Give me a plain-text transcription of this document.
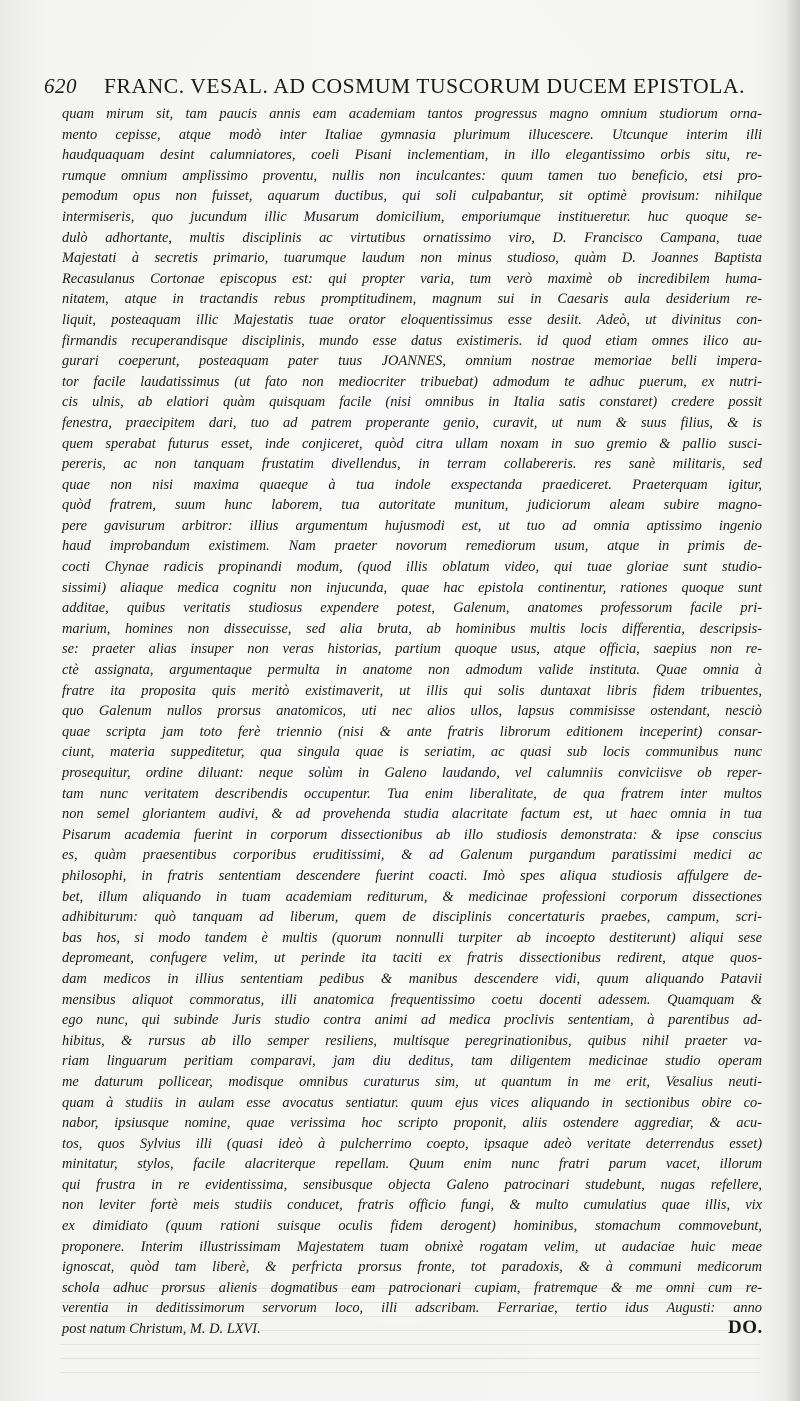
620 FRANC. VESAL. AD COSMUM TUSCORUM DUCEM EPISTOLA.
quam mirum sit, tam paucis annis eam academiam tantos progressus magno omnium studiorum orna-
mento cepisse, atque modò inter Italiae gymnasia plurimum illucescere. Utcunque interim illi
haudquaquam desint calumniatores, coeli Pisani inclementiam, in illo elegantissimo orbis situ, re-
rumque omnium amplissimo proventu, nullis non inculcantes: quum tamen tuo beneficio, etsi pro-
pemodum opus non fuisset, aquarum ductibus, qui soli culpabantur, sit optimè provisum: nihilque
intermiseris, quo jucundum illic Musarum domicilium, emporiumque institueretur. huc quoque se-
dulò adhortante, multis disciplinis ac virtutibus ornatissimo viro, D. Francisco Campana, tuae
Majestati à secretis primario, tuarumque laudum non minus studioso, quàm D. Joannes Baptista
Recasulanus Cortonae episcopus est: qui propter varia, tum verò maximè ob incredibilem huma-
nitatem, atque in tractandis rebus promptitudinem, magnum sui in Caesaris aula desiderium re-
liquit, posteaquam illic Majestatis tuae orator eloquentissimus esse desiit. Adeò, ut divinitus con-
firmandis recuperandisque disciplinis, mundo esse datus existimeris. id quod etiam omnes ilico au-
gurari coeperunt, posteaquam pater tuus JOANNES, omnium nostrae memoriae belli impera-
tor facile laudatissimus (ut fato non mediocriter tribuebat) admodum te adhuc puerum, ex nutri-
cis ulnis, ab elatiori quàm quisquam facile (nisi omnibus in Italia satis constaret) credere possit
fenestra, praecipitem dari, tuo ad patrem properante genio, curavit, ut num & suus filius, & is
quem sperabat futurus esset, inde conjiceret, quòd citra ullam noxam in suo gremio & pallio susci-
pereris, ac non tanquam frustatim divellendus, in terram collabereris. res sanè militaris, sed
quae non nisi maxima quaeque à tua indole exspectanda praediceret. Praeterquam igitur,
quòd fratrem, suum hunc laborem, tua autoritate munitum, judiciorum aleam subire magno-
pere gavisurum arbitror: illius argumentum hujusmodi est, ut tuo ad omnia aptissimo ingenio
haud improbandum existimem. Nam praeter novorum remediorum usum, atque in primis de-
cocti Chynae radicis propinandi modum, (quod illis oblatum video, qui tuae gloriae sunt studio-
sissimi) aliaque medica cognitu non injucunda, quae hac epistola continentur, rationes quoque sunt
additae, quibus veritatis studiosus expendere potest, Galenum, anatomes professorum facile pri-
marium, homines non dissecuisse, sed alia bruta, ab hominibus multis locis differentia, descripsis-
se: praeter alias insuper non veras historias, partium quoque usus, atque officia, saepius non re-
ctè assignata, argumentaque permulta in anatome non admodum valide instituta. Quae omnia à
fratre ita proposita quis meritò existimaverit, ut illis qui solis duntaxat libris fidem tribuentes,
quo Galenum nullos prorsus anatomicos, uti nec alios ullos, lapsus commisisse ostendant, nesciò
quae scripta jam toto ferè triennio (nisi & ante fratris librorum editionem inceperint) consar-
ciunt, materia suppeditetur, qua singula quae is seriatim, ac quasi sub locis communibus nunc
prosequitur, ordine diluant: neque solùm in Galeno laudando, vel calumniis conviciisve ob reper-
tam nunc veritatem describendis occupentur. Tua enim liberalitate, de qua fratrem inter multos
non semel gloriantem audivi, & ad provehenda studia alacritate factum est, ut haec omnia in tua
Pisarum academia fuerint in corporum dissectionibus ab illo studiosis demonstrata: & ipse conscius
es, quàm praesentibus corporibus eruditissimi, & ad Galenum purgandum paratissimi medici ac
philosophi, in fratris sententiam descendere fuerint coacti. Imò spes aliqua studiosis affulgere de-
bet, illum aliquando in tuam academiam rediturum, & medicinae professioni corporum dissectiones
adhibiturum: quò tanquam ad liberum, quem de disciplinis concertaturis praebes, campum, scri-
bas hos, si modo tandem è multis (quorum nonnulli turpiter ab incoepto destiterunt) aliqui sese
depromeant, confugere velim, ut perinde ita taciti ex fratris dissectionibus redirent, atque quos-
dam medicos in illius sententiam pedibus & manibus descendere vidi, quum aliquando Patavii
mensibus aliquot commoratus, illi anatomica frequentissimo coetu docenti adessem. Quamquam &
ego nunc, qui subinde Juris studio contra animi ad medica proclivis sententiam, à parentibus ad-
hibitus, & rursus ab illo semper resiliens, multisque peregrinationibus, quibus nihil praeter va-
riam linguarum peritiam comparavi, jam diu deditus, tam diligentem medicinae studio operam
me daturum pollicear, modisque omnibus curaturus sim, ut quantum in me erit, Vesalius neuti-
quam à studiis in aulam esse avocatus sentiatur. quum ejus vices aliquando in sectionibus obire co-
nabor, ipsiusque nomine, quae verissima hoc scripto proponit, aliis ostendere aggrediar, & acu-
tos, quos Sylvius illi (quasi ideò à pulcherrimo coepto, ipsaque adeò veritate deterrendus esset)
minitatur, stylos, facile alacriterque repellam. Quum enim nunc fratri parum vacet, illorum
qui frustra in re evidentissima, sensibusque objecta Galeno patrocinari studebunt, nugas refellere,
non leviter fortè meis studiis conducet, fratris officio fungi, & multo cumulatius quae illis, vix
ex dimidiato (quum rationi suisque oculis fidem derogent) hominibus, stomachum commovebunt,
proponere. Interim illustrissimam Majestatem tuam obnixè rogatam velim, ut audaciae huic meae
ignoscat, quòd tam liberè, & perfricta prorsus fronte, tot paradoxis, & à communi medicorum
schola adhuc prorsus alienis dogmatibus eam patrocionari cupiam, fratremque & me omni cum re-
verentia in deditissimorum servorum loco, illi adscribam. Ferrariae, tertio idus Augusti: anno
post natum Christum, M. D. LXVI.	DO.
